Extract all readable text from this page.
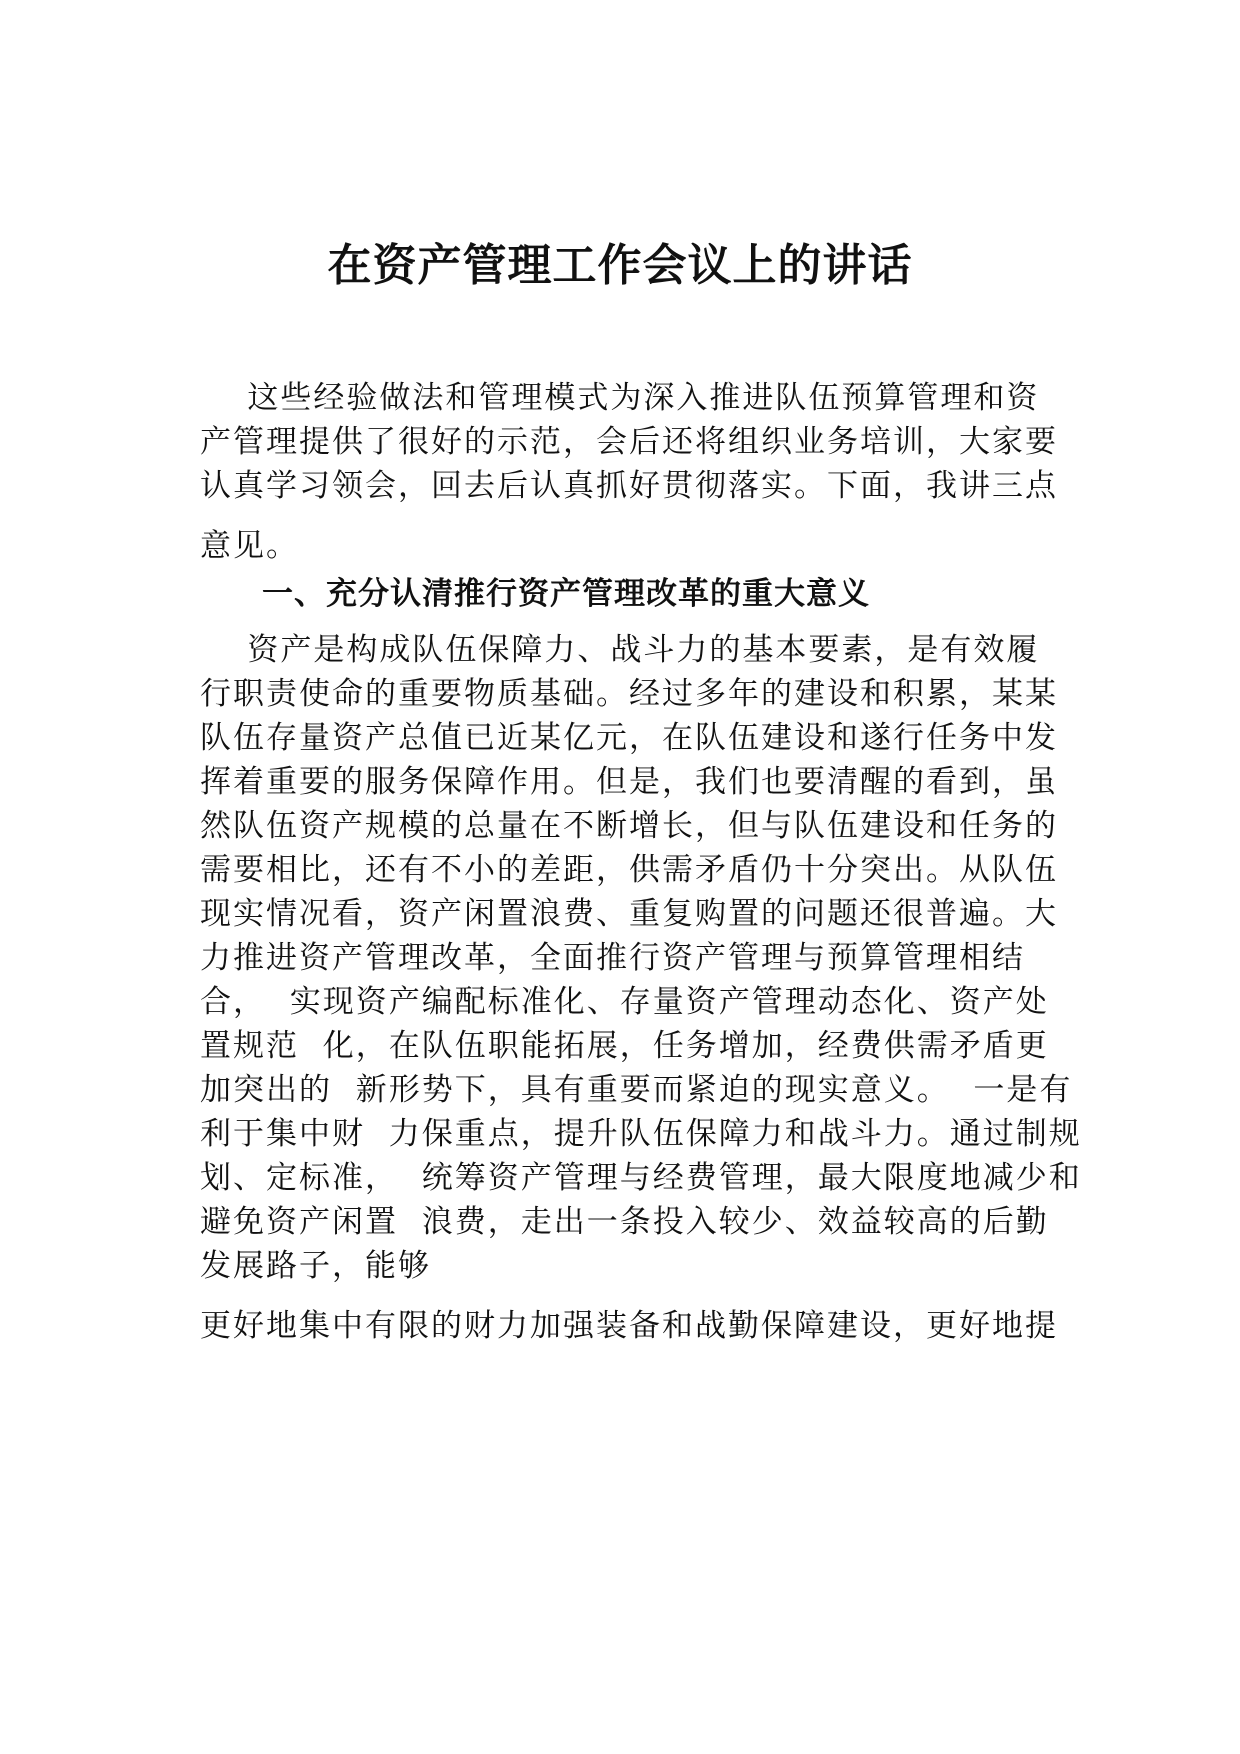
在资产管理工作会议上的讲话
这些经验做法和管理模式为深入推进队伍预算管理和资
产管理提供了很好的示范，会后还将组织业务培训，大家要
认真学习领会，回去后认真抓好贯彻落实。下面，我讲三点
意见。
一、充分认清推行资产管理改革的重大意义
资产是构成队伍保障力、战斗力的基本要素，是有效履
行职责使命的重要物质基础。经过多年的建设和积累，某某
队伍存量资产总值已近某亿元，在队伍建设和遂行任务中发
挥着重要的服务保障作用。但是，我们也要清醒的看到，虽
然队伍资产规模的总量在不断增长，但与队伍建设和任务的
需要相比，还有不小的差距，供需矛盾仍十分突出。从队伍
现实情况看，资产闲置浪费、重复购置的问题还很普遍。大
力推进资产管理改革，全面推行资产管理与预算管理相结
合，  实现资产编配标准化、存量资产管理动态化、资产处
置规范  化，在队伍职能拓展，任务增加，经费供需矛盾更
加突出的  新形势下，具有重要而紧迫的现实意义。  一是有
利于集中财  力保重点，提升队伍保障力和战斗力。通过制规
划、定标准，  统筹资产管理与经费管理，最大限度地减少和
避免资产闲置  浪费，走出一条投入较少、效益较高的后勤
发展路子，能够
更好地集中有限的财力加强装备和战勤保障建设，更好地提
